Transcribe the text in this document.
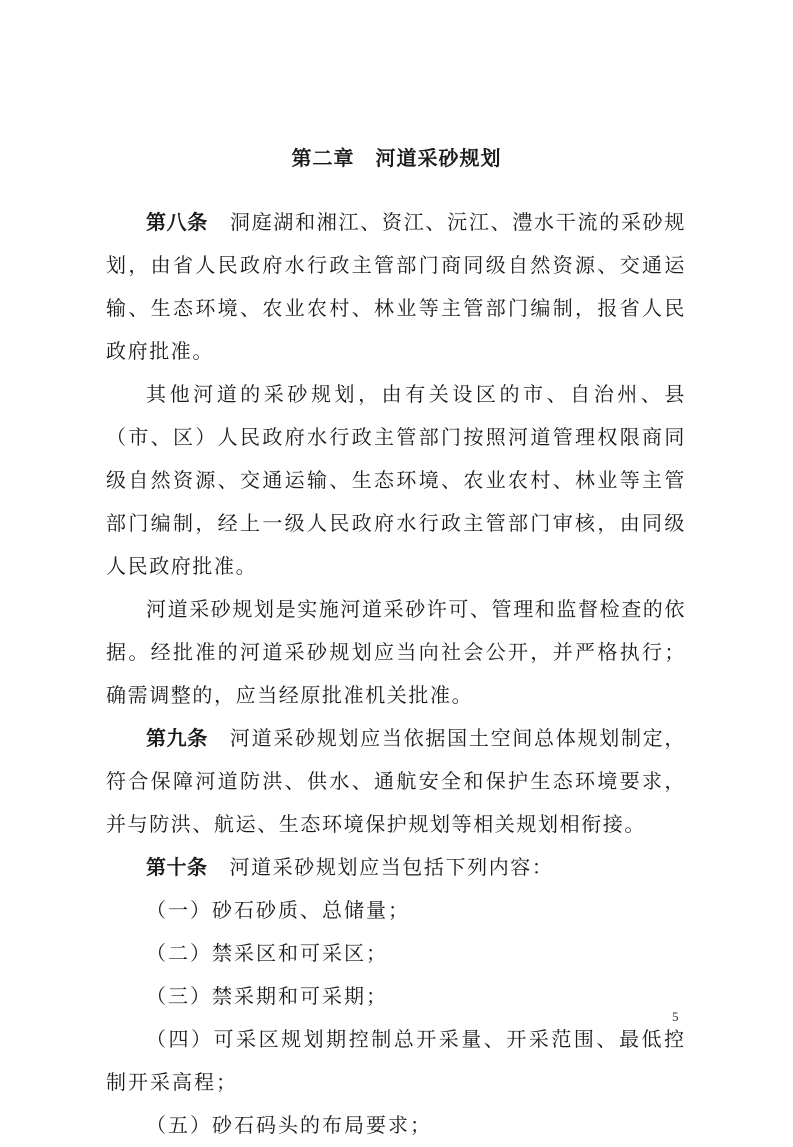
第二章　河道采砂规划

第八条 洞庭湖和湘江、资江、沅江、澧水干流的采砂规划，由省人民政府水行政主管部门商同级自然资源、交通运输、生态环境、农业农村、林业等主管部门编制，报省人民政府批准。

其他河道的采砂规划，由有关设区的市、自治州、县（市、区）人民政府水行政主管部门按照河道管理权限商同级自然资源、交通运输、生态环境、农业农村、林业等主管部门编制，经上一级人民政府水行政主管部门审核，由同级人民政府批准。

河道采砂规划是实施河道采砂许可、管理和监督检查的依据。经批准的河道采砂规划应当向社会公开，并严格执行；确需调整的，应当经原批准机关批准。

第九条 河道采砂规划应当依据国土空间总体规划制定，符合保障河道防洪、供水、通航安全和保护生态环境要求，并与防洪、航运、生态环境保护规划等相关规划相衔接。

第十条 河道采砂规划应当包括下列内容：

（一）砂石砂质、总储量；

（二）禁采区和可采区；

（三）禁采期和可采期；

（四）可采区规划期控制总开采量、开采范围、最低控制开采高程；

（五）砂石码头的布局要求；

5
